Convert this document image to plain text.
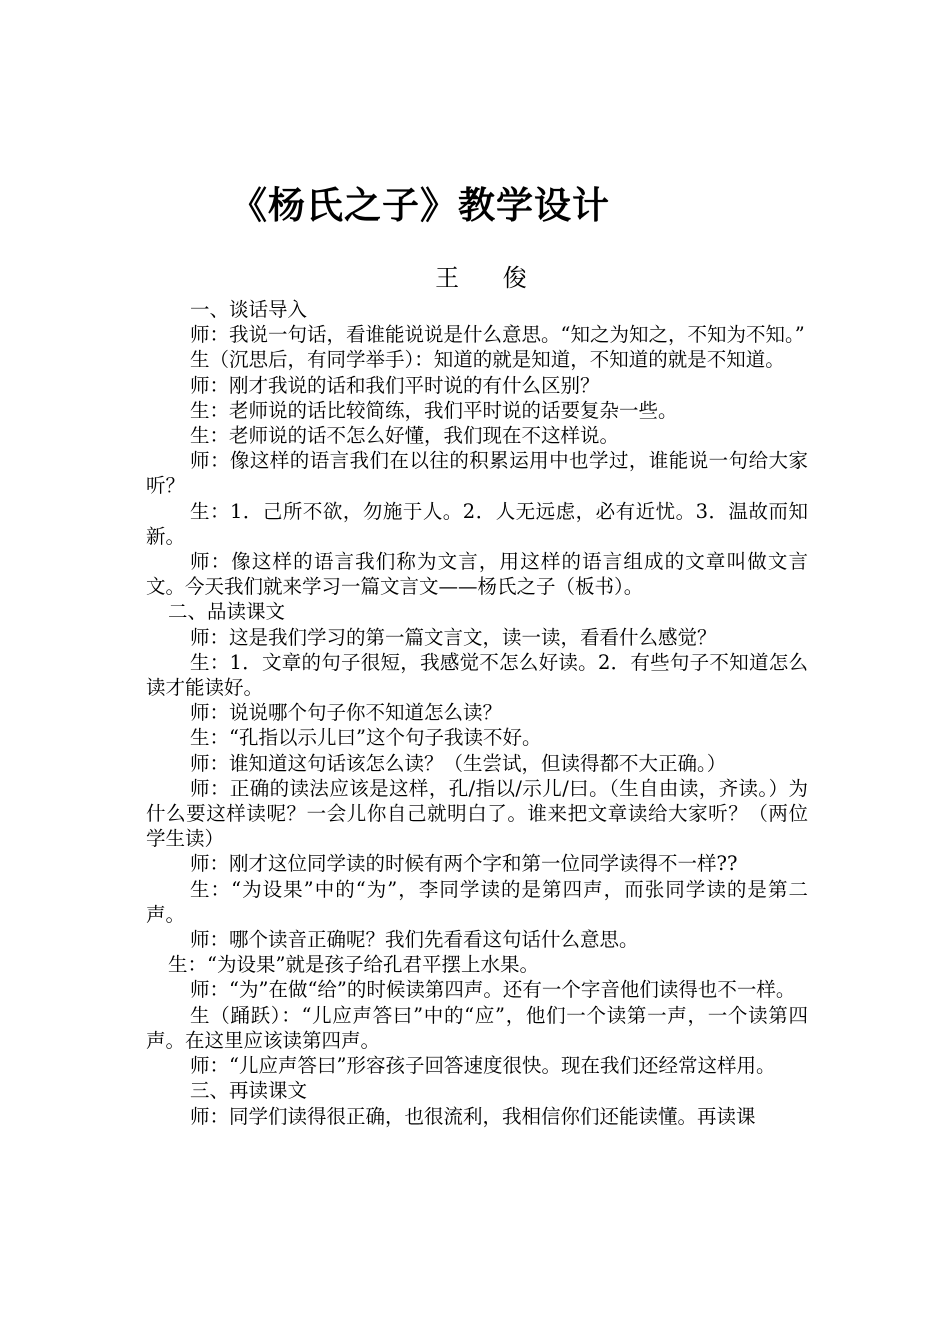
《杨氏之子》教学设计
王 俊

一、谈话导入

师：我说一句话，看谁能说说是什么意思。“知之为知之，不知为不知。”

生（沉思后，有同学举手）：知道的就是知道，不知道的就是不知道。

师：刚才我说的话和我们平时说的有什么区别？

生：老师说的话比较简练，我们平时说的话要复杂一些。

生：老师说的话不怎么好懂，我们现在不这样说。

师：像这样的语言我们在以往的积累运用中也学过，谁能说一句给大家听？

生：1．己所不欲，勿施于人。2．人无远虑，必有近忧。3．温故而知新。

师：像这样的语言我们称为文言，用这样的语言组成的文章叫做文言文。今天我们就来学习一篇文言文——杨氏之子（板书）。

二、品读课文

师：这是我们学习的第一篇文言文，读一读，看看什么感觉？

生：1．文章的句子很短，我感觉不怎么好读。2．有些句子不知道怎么读才能读好。

师：说说哪个句子你不知道怎么读？

生：“孔指以示儿曰”这个句子我读不好。

师：谁知道这句话该怎么读？（生尝试，但读得都不大正确。）

师：正确的读法应该是这样，孔/指以/示儿/曰。（生自由读，齐读。）为什么要这样读呢？一会儿你自己就明白了。谁来把文章读给大家听？（两位学生读）

师：刚才这位同学读的时候有两个字和第一位同学读得不一样??

生：“为设果”中的“为”，李同学读的是第四声，而张同学读的是第二声。

师：哪个读音正确呢？我们先看看这句话什么意思。

生：“为设果”就是孩子给孔君平摆上水果。

师：“为”在做“给”的时候读第四声。还有一个字音他们读得也不一样。

生（踊跃）：“儿应声答曰”中的“应”，他们一个读第一声，一个读第四声。在这里应该读第四声。

师：“儿应声答曰”形容孩子回答速度很快。现在我们还经常这样用。

三、再读课文

师：同学们读得很正确，也很流利，我相信你们还能读懂。再读课
